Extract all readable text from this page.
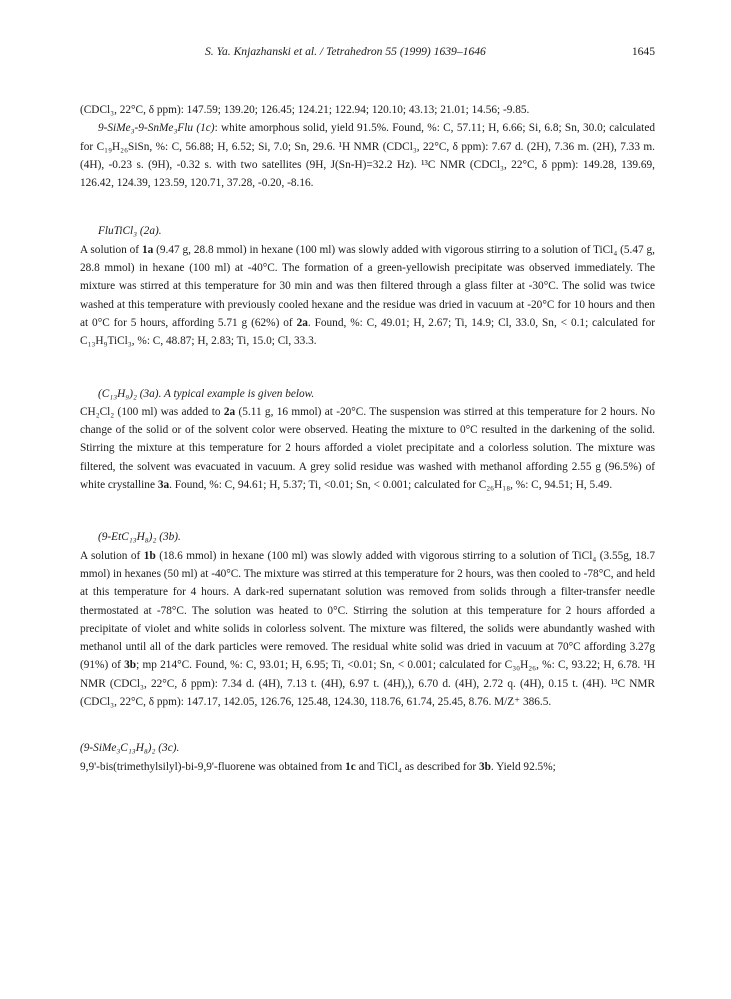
S. Ya. Knjazhanski et al. / Tetrahedron 55 (1999) 1639–1646	1645

(CDCl₃, 22°C, δ ppm): 147.59; 139.20; 126.45; 124.21; 122.94; 120.10; 43.13; 21.01; 14.56; -9.85.

9-SiMe₃-9-SnMe₃Flu (1c): white amorphous solid, yield 91.5%. Found, %: C, 57.11; H, 6.66; Si, 6.8; Sn, 30.0; calculated for C₁₉H₂₆SiSn, %: C, 56.88; H, 6.52; Si, 7.0; Sn, 29.6. ¹H NMR (CDCl₃, 22°C, δ ppm): 7.67 d. (2H), 7.36 m. (2H), 7.33 m. (4H), -0.23 s. (9H), -0.32 s. with two satellites (9H, J(Sn-H)=32.2 Hz). ¹³C NMR (CDCl₃, 22°C, δ ppm): 149.28, 139.69, 126.42, 124.39, 123.59, 120.71, 37.28, -0.20, -8.16.

FluTiCl₃ (2a).

A solution of 1a (9.47 g, 28.8 mmol) in hexane (100 ml) was slowly added with vigorous stirring to a solution of TiCl₄ (5.47 g, 28.8 mmol) in hexane (100 ml) at -40°C. The formation of a green-yellowish precipitate was observed immediately. The mixture was stirred at this temperature for 30 min and was then filtered through a glass filter at -30°C. The solid was twice washed at this temperature with previously cooled hexane and the residue was dried in vacuum at -20°C for 10 hours and then at 0°C for 5 hours, affording 5.71 g (62%) of 2a. Found, %: C, 49.01; H, 2.67; Ti, 14.9; Cl, 33.0, Sn, < 0.1; calculated for C₁₃H₉TiCl₃, %: C, 48.87; H, 2.83; Ti, 15.0; Cl, 33.3.

(C₁₃H₉)₂ (3a). A typical example is given below.

CH₂Cl₂ (100 ml) was added to 2a (5.11 g, 16 mmol) at -20°C. The suspension was stirred at this temperature for 2 hours. No change of the solid or of the solvent color were observed. Heating the mixture to 0°C resulted in the darkening of the solid. Stirring the mixture at this temperature for 2 hours afforded a violet precipitate and a colorless solution. The mixture was filtered, the solvent was evacuated in vacuum. A grey solid residue was washed with methanol affording 2.55 g (96.5%) of white crystalline 3a. Found, %: C, 94.61; H, 5.37; Ti, <0.01; Sn, < 0.001; calculated for C₂₆H₁₈, %: C, 94.51; H, 5.49.

(9-EtC₁₃H₈)₂ (3b).

A solution of 1b (18.6 mmol) in hexane (100 ml) was slowly added with vigorous stirring to a solution of TiCl₄ (3.55g, 18.7 mmol) in hexanes (50 ml) at -40°C. The mixture was stirred at this temperature for 2 hours, was then cooled to -78°C, and held at this temperature for 4 hours. A dark-red supernatant solution was removed from solids through a filter-transfer needle thermostated at -78°C. The solution was heated to 0°C. Stirring the solution at this temperature for 2 hours afforded a precipitate of violet and white solids in colorless solvent. The mixture was filtered, the solids were abundantly washed with methanol until all of the dark particles were removed. The residual white solid was dried in vacuum at 70°C affording 3.27g (91%) of 3b; mp 214°C. Found, %: C, 93.01; H, 6.95; Ti, <0.01; Sn, < 0.001; calculated for C₃₀H₂₆, %: C, 93.22; H, 6.78. ¹H NMR (CDCl₃, 22°C, δ ppm): 7.34 d. (4H), 7.13 t. (4H), 6.97 t. (4H),), 6.70 d. (4H), 2.72 q. (4H), 0.15 t. (4H). ¹³C NMR (CDCl₃, 22°C, δ ppm): 147.17, 142.05, 126.76, 125.48, 124.30, 118.76, 61.74, 25.45, 8.76. M/Z⁺ 386.5.

(9-SiMe₃C₁₃H₈)₂ (3c).

9,9'-bis(trimethylsilyl)-bi-9,9'-fluorene was obtained from 1c and TiCl₄ as described for 3b. Yield 92.5%;
